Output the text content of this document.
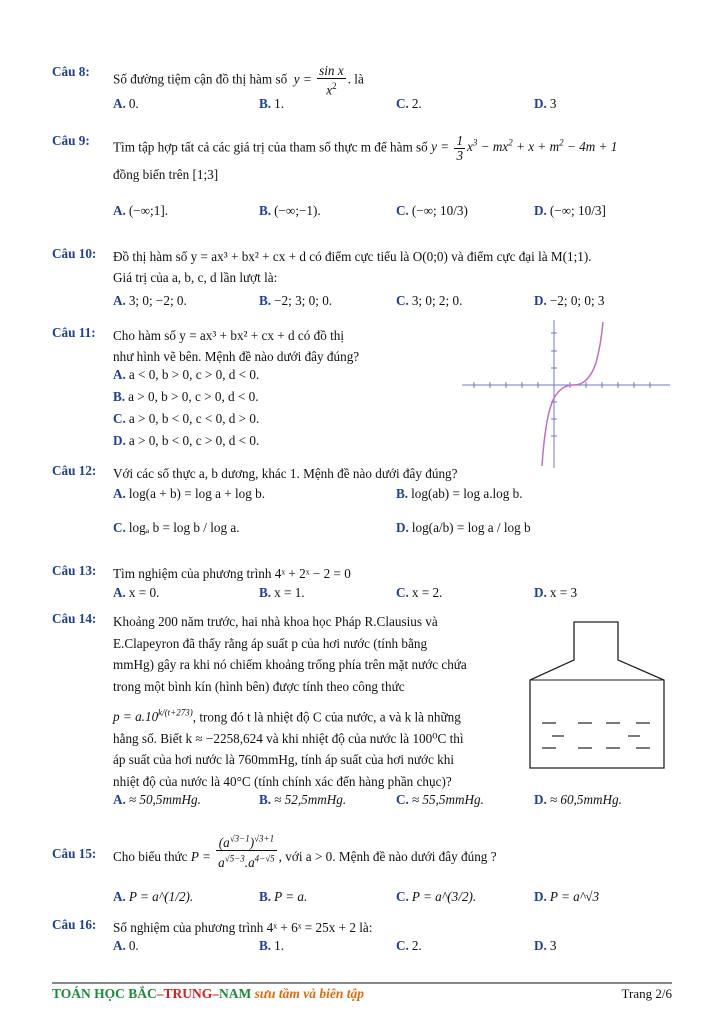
Câu 8:
Số đường tiệm cận đồ thị hàm số  $y = \frac{\text{sin x}}{x^2}$ . là
A. 0.	B. 1.	C. 2.	D. 3
Câu 9: Tìm tập hợp tất cả các giá trị của tham số thực m để hàm số $y = \frac{1}{3} x^3 - mx^2 + x + m^2 - 4m + 1$
đồng biến trên [1;3]
A. (−∞;1].	B. (−∞;−1).	C. (−∞; 10/3)	D. (−∞; 10/3]
Câu 10: Đồ thị hàm số y = ax³ + bx² + cx + d có điểm cực tiểu là O(0;0) và điểm cực đại là M(1;1).
Giá trị của a, b, c, d lần lượt là:
A. 3; 0; −2; 0.	B. −2; 3; 0; 0.	C. 3; 0; 2; 0.	D. −2; 0; 0; 3
Câu 11: Cho hàm số y = ax³ + bx² + cx + d có đồ thị
như hình vẽ bên. Mệnh đề nào dưới đây đúng?
A. a < 0, b > 0, c > 0, d < 0.
B. a > 0, b > 0, c > 0, d < 0.
C. a > 0, b < 0, c < 0, d > 0.
D. a > 0, b < 0, c > 0, d < 0.
Câu 12: Với các số thực a, b dương, khác 1. Mệnh đề nào dưới đây đúng?
A. log(a + b) = log a + log b.	B. log(ab) = log a.log b.
C. logₐ b = log b / log a.	D. log(a/b) = log a / log b
Câu 13: Tìm nghiệm của phương trình 4ˣ + 2ˣ − 2 = 0
A. x = 0.	B. x = 1.	C. x = 2.	D. x = 3
Câu 14: Khoảng 200 năm trước, hai nhà khoa học Pháp R.Clausius và
E.Clapeyron đã thấy rằng áp suất p của hơi nước (tính bằng
mmHg) gây ra khi nó chiếm khoảng trống phía trên mặt nước chứa
trong một bình kín (hình bên) được tính theo công thức
$p = a.10^{k/(t+273)}$, trong đó t là nhiệt độ C của nước, a và k là những
hằng số. Biết k ≈ −2258,624 và khi nhiệt độ của nước là 100⁰C thì
áp suất của hơi nước là 760mmHg, tính áp suất của hơi nước khi
nhiệt độ của nước là 40°C (tính chính xác đến hàng phần chục)?
A. ≈ 50,5mmHg.	B. ≈ 52,5mmHg.	C. ≈ 55,5mmHg.	D. ≈ 60,5mmHg.
Câu 15: Cho biểu thức $P = \frac{(a^{√3-1})^{√3+1}}{a^{√5-3}.a^{4-√5}}$ , với a > 0. Mệnh đề nào dưới đây đúng ?
A. P = a^(1/2).	B. P = a.	C. P = a^(3/2).	D. P = a^√3
Câu 16: Số nghiệm của phương trình 4ˣ + 6ˣ = 25x + 2 là:
A. 0.	B. 1.	C. 2.	D. 3
TOÁN HỌC BẮC–TRUNG–NAM sưu tầm và biên tập	Trang 2/6
